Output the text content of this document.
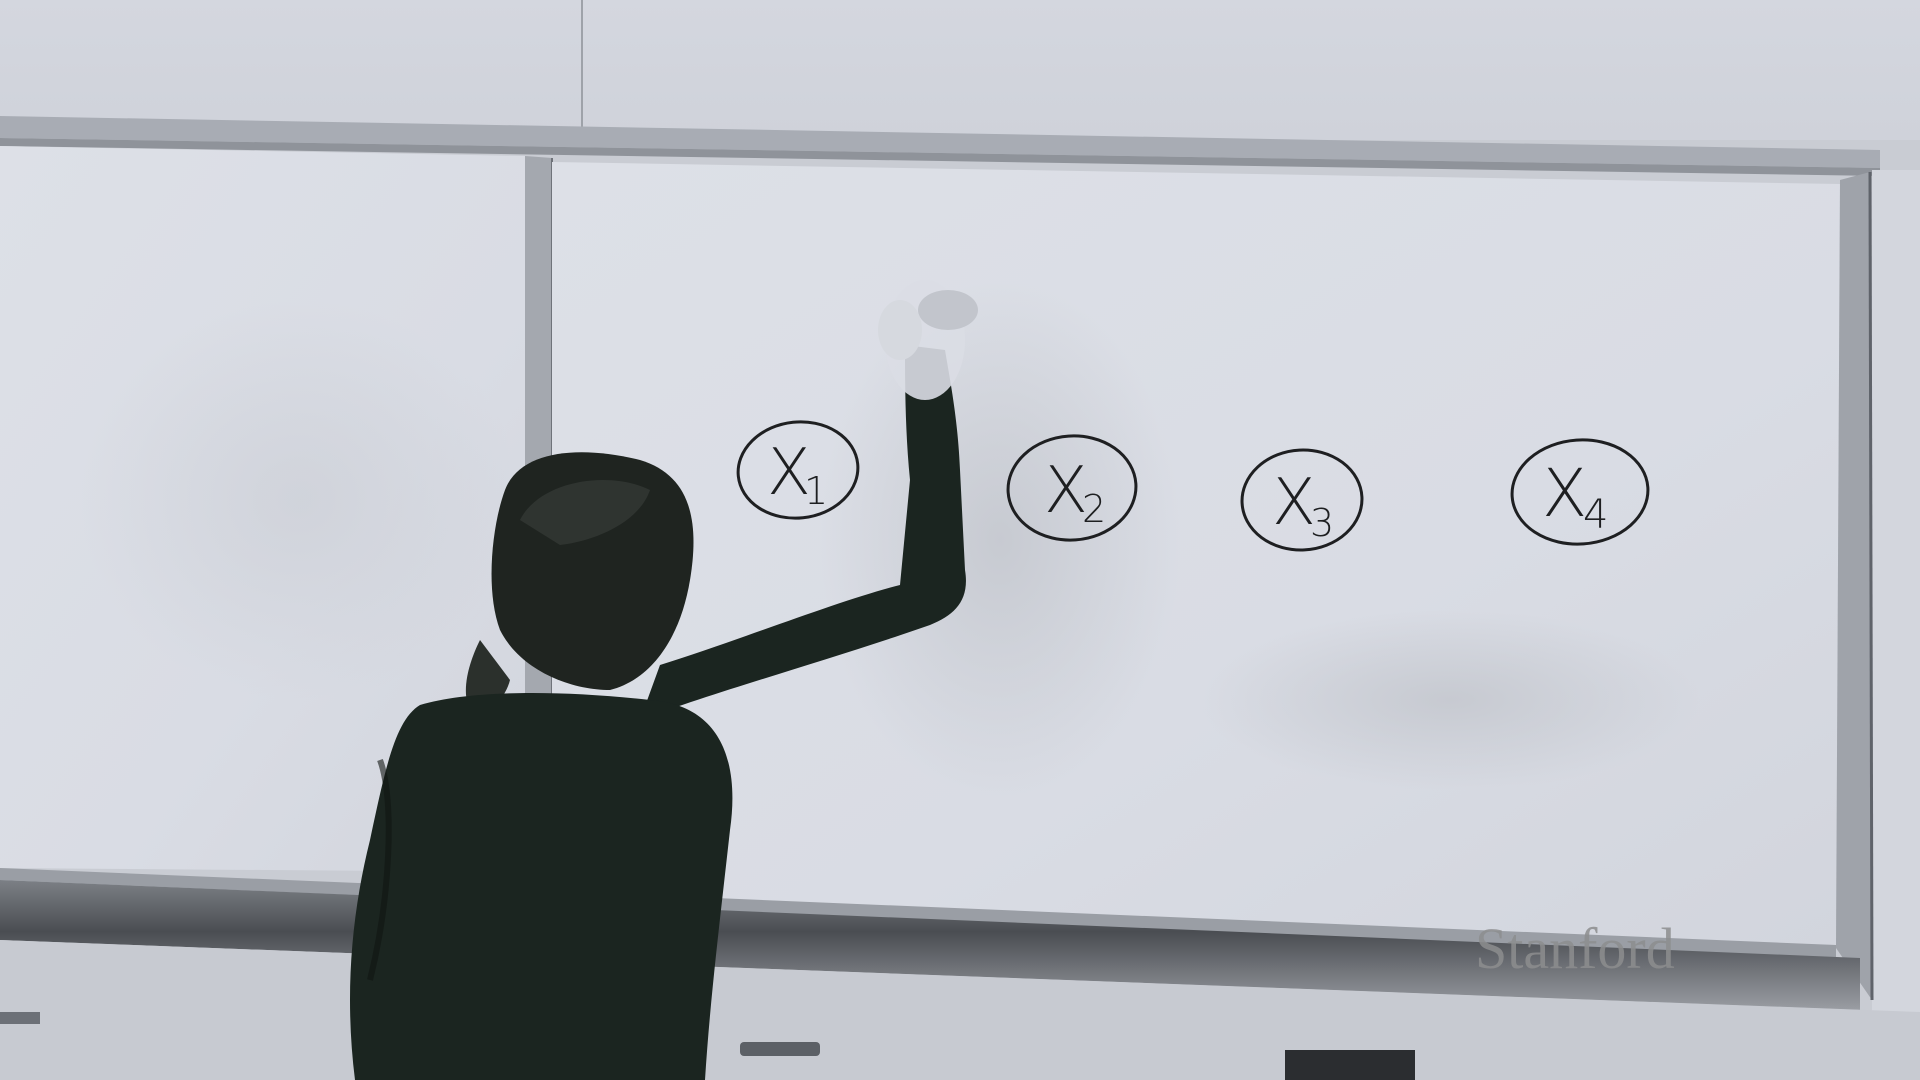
X
1	X
2	X
3	X
4
Stanford
